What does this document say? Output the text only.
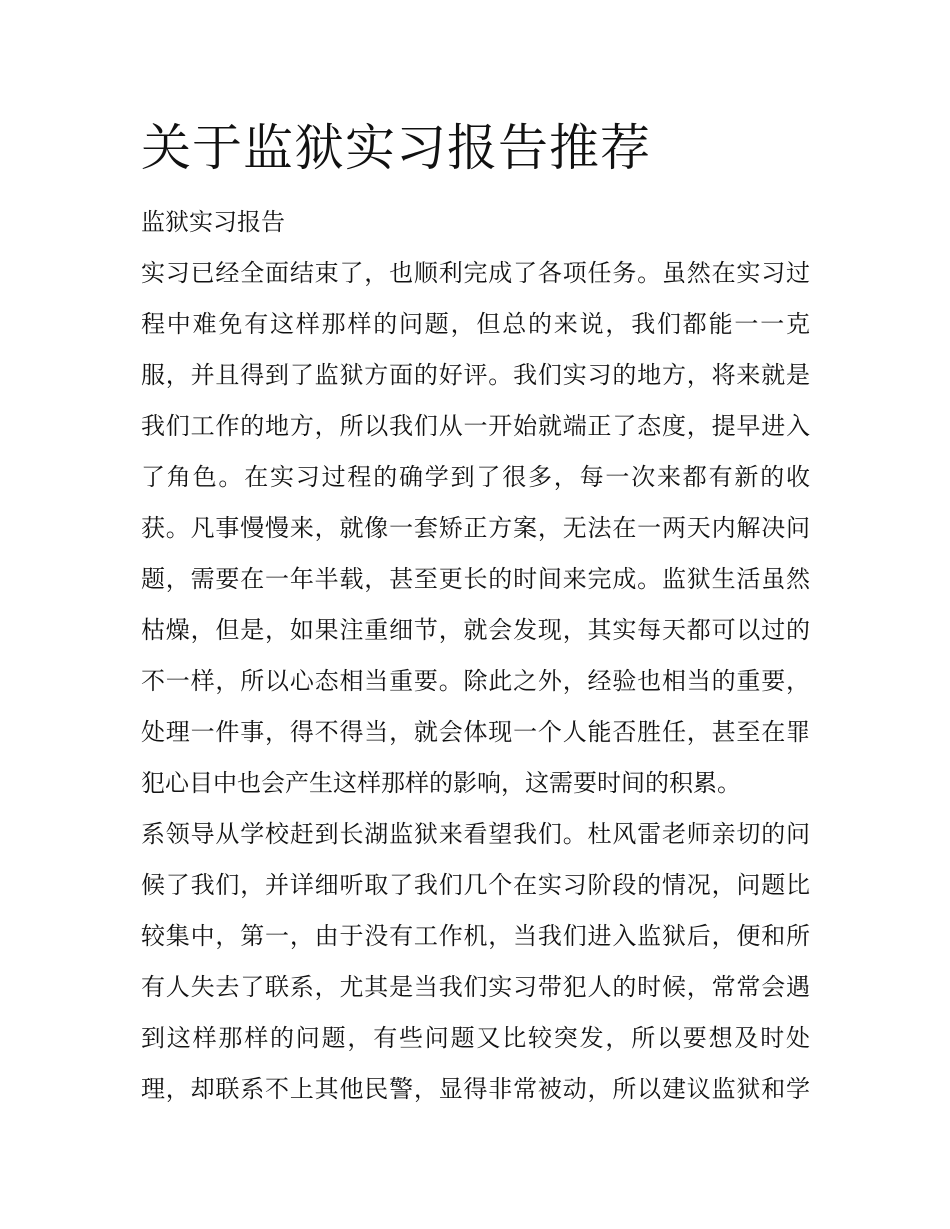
关于监狱实习报告推荐

监狱实习报告

实习已经全面结束了，也顺利完成了各项任务。虽然在实习过

程中难免有这样那样的问题，但总的来说，我们都能一一克

服，并且得到了监狱方面的好评。我们实习的地方，将来就是

我们工作的地方，所以我们从一开始就端正了态度，提早进入

了角色。在实习过程的确学到了很多，每一次来都有新的收

获。凡事慢慢来，就像一套矫正方案，无法在一两天内解决问

题，需要在一年半载，甚至更长的时间来完成。监狱生活虽然

枯燥，但是，如果注重细节，就会发现，其实每天都可以过的

不一样，所以心态相当重要。除此之外，经验也相当的重要，

处理一件事，得不得当，就会体现一个人能否胜任，甚至在罪

犯心目中也会产生这样那样的影响，这需要时间的积累。

系领导从学校赶到长湖监狱来看望我们。杜风雷老师亲切的问

候了我们，并详细听取了我们几个在实习阶段的情况，问题比

较集中，第一，由于没有工作机，当我们进入监狱后，便和所

有人失去了联系，尤其是当我们实习带犯人的时候，常常会遇

到这样那样的问题，有些问题又比较突发，所以要想及时处

理，却联系不上其他民警，显得非常被动，所以建议监狱和学
